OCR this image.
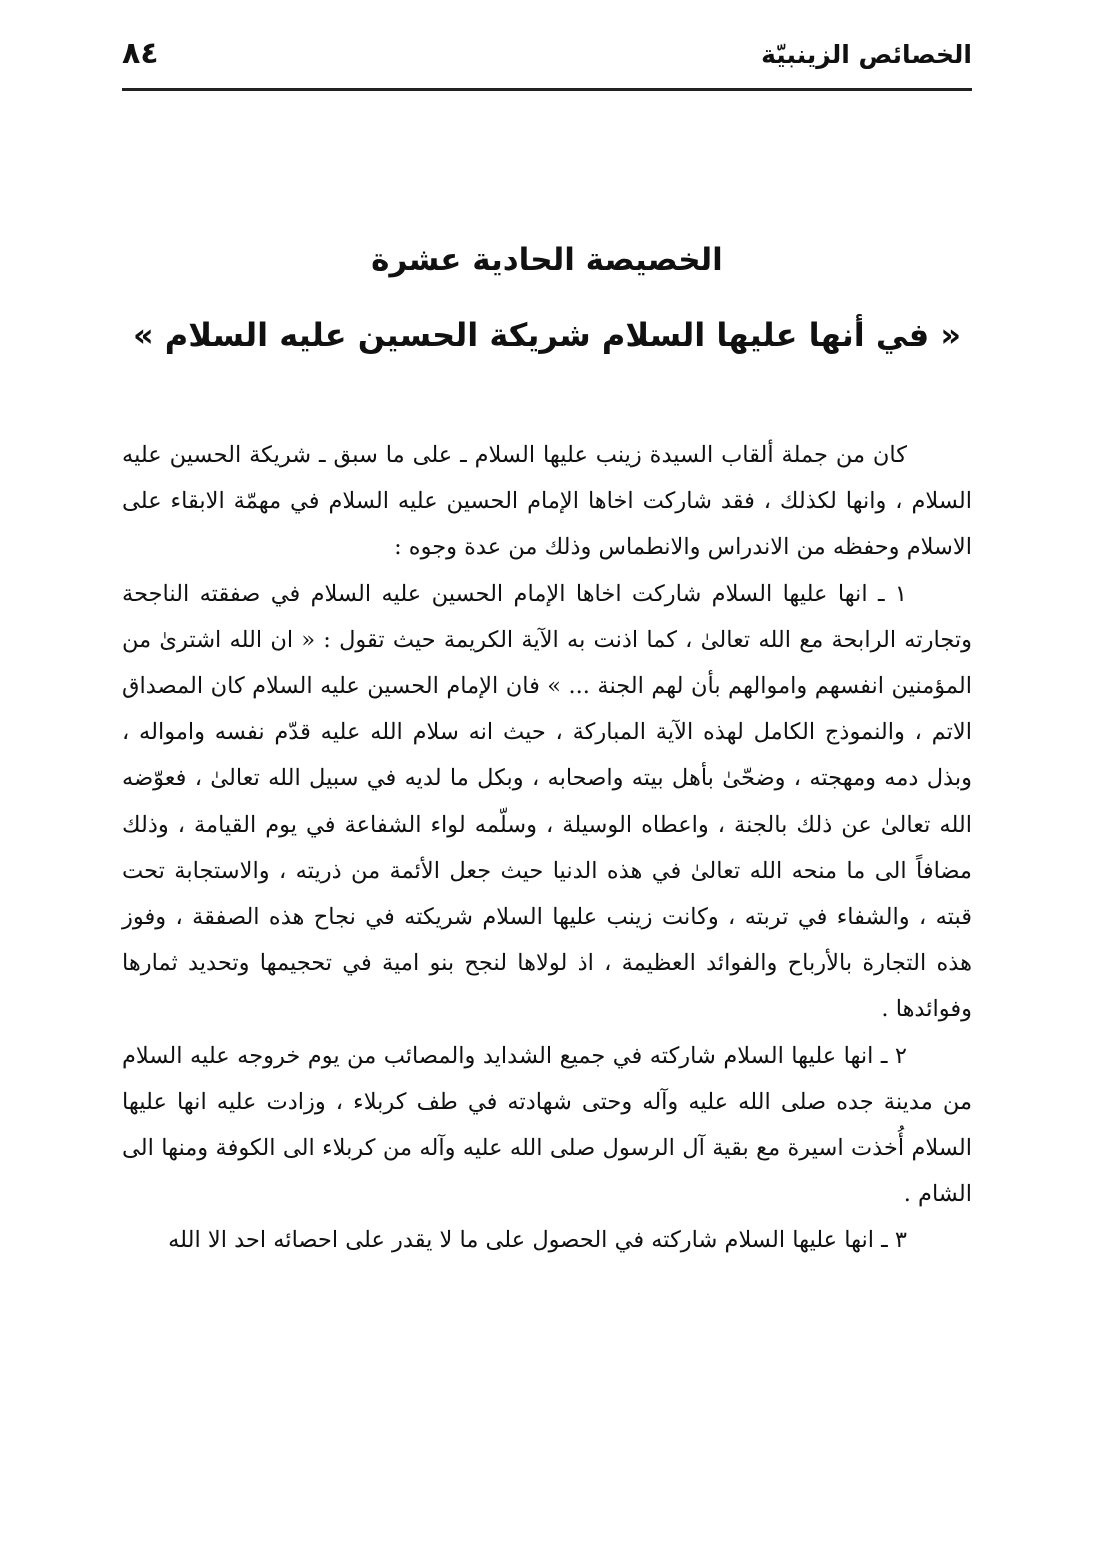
الخصائص الزينبيّة
٨٤
الخصيصة الحادية عشرة
« في أنها عليها السلام شريكة الحسين عليه السلام »

كان من جملة ألقاب السيدة زينب عليها السلام ـ على ما سبق ـ شريكة الحسين عليه السلام ، وانها لكذلك ، فقد شاركت اخاها الإمام الحسين عليه السلام في مهمّة الابقاء على الاسلام وحفظه من الاندراس والانطماس وذلك من عدة وجوه :

١ ـ انها عليها السلام شاركت اخاها الإمام الحسين عليه السلام في صفقته الناجحة وتجارته الرابحة مع الله تعالىٰ ، كما اذنت به الآية الكريمة حيث تقول : « ان الله اشترىٰ من المؤمنين انفسهم واموالهم بأن لهم الجنة ... » فان الإمام الحسين عليه السلام كان المصداق الاتم ، والنموذج الكامل لهذه الآية المباركة ، حيث انه سلام الله عليه قدّم نفسه وامواله ، وبذل دمه ومهجته ، وضحّىٰ بأهل بيته واصحابه ، وبكل ما لديه في سبيل الله تعالىٰ ، فعوّضه الله تعالىٰ عن ذلك بالجنة ، واعطاه الوسيلة ، وسلّمه لواء الشفاعة في يوم القيامة ، وذلك مضافاً الى ما منحه الله تعالىٰ في هذه الدنيا حيث جعل الأئمة من ذريته ، والاستجابة تحت قبته ، والشفاء في تربته ، وكانت زينب عليها السلام شريكته في نجاح هذه الصفقة ، وفوز هذه التجارة بالأرباح والفوائد العظيمة ، اذ لولاها لنجح بنو امية في تحجيمها وتحديد ثمارها وفوائدها .

٢ ـ انها عليها السلام شاركته في جميع الشدايد والمصائب من يوم خروجه عليه السلام من مدينة جده صلى الله عليه وآله وحتى شهادته في طف كربلاء ، وزادت عليه انها عليها السلام أُخذت اسيرة مع بقية آل الرسول صلى الله عليه وآله من كربلاء الى الكوفة ومنها الى الشام .

٣ ـ انها عليها السلام شاركته في الحصول على ما لا يقدر على احصائه احد الا الله
